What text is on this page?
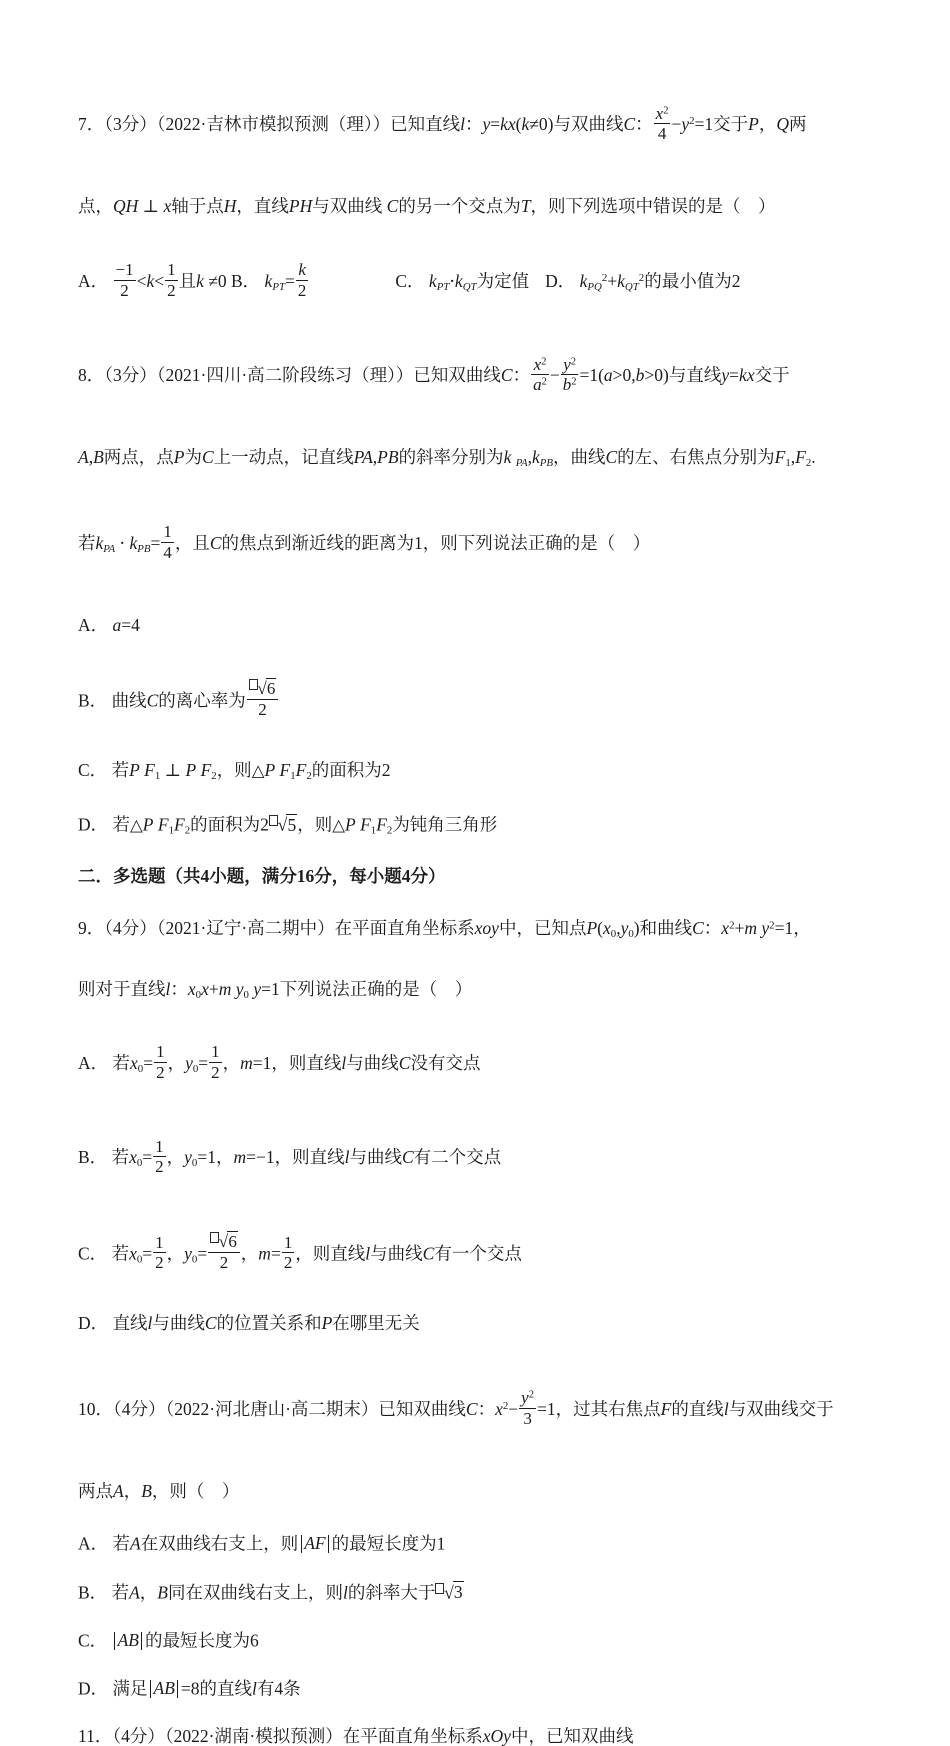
7．（3分）（2022·吉林市模拟预测（理））已知直线l：y=kx(k≠0)与双曲线C： $\frac{x^2}{4} -y^2=1$交于P，Q两
点，QH ⊥ x轴于点H，直线PH与双曲线 C的另一个交点为T，则下列选项中错误的是（　）
A． $\frac{-1}{2} <k< \frac{1}{2}$ 且k ≠0 B． $k_{PT}= \frac{k}{2}$	C． $k_{PT}\cdot k_{QT}$为定值 D． $k_{PQ}^2+k_{QT}^2$的最小值为2
8．（3分）（2021·四川·高二阶段练习（理））已知双曲线C： $\frac{x^2}{a^2} - \frac{y^2}{b^2} =1(a>0,b>0)$与直线y=kx交于
A,B两点，点P为C上一动点，记直线PA,PB的斜率分别为k $_{PA},k_{PB}$，曲线C的左、右焦点分别为$F_1,F_2$.
若$k_{PA} \cdot k_{PB}= \frac{1}{4}$ ，且C的焦点到渐近线的距离为1，则下列说法正确的是（　）
A． a=4
B． 曲线C的离心率为 $\frac{√6}{2}$
C． 若P $F_1$ ⊥ P $F_2$，则△P $F_1F_2$的面积为2
D． 若△P $F_1F_2$的面积为2 √5，则△P $F_1F_2$为钝角三角形
二．多选题（共4小题，满分16分，每小题4分）
9．（4分）（2021·辽宁·高二期中）在平面直角坐标系xoy中，已知点$P(x_0,y_0)$和曲线C：$x^2+m$ $y^2=1$，
则对于直线l：$x_0x+m$ $y_0$ y=1下列说法正确的是（　）
A． 若$x_0= \frac{1}{2}$ ，$y_0= \frac{1}{2}$ ，m=1，则直线l与曲线C没有交点
B． 若$x_0= \frac{1}{2}$ ，$y_0=1$，m=−1，则直线l与曲线C有二个交点
C． 若$x_0= \frac{1}{2}$ ，$y_0= \frac{√6}{2}$ ，$m= \frac{1}{2}$ ，则直线l与曲线C有一个交点
D． 直线l与曲线C的位置关系和P在哪里无关
10．（4分）（2022·河北唐山·高二期末）已知双曲线C：$x^2- \frac{y^2}{3} =1$，过其右焦点F的直线l与双曲线交于
两点A，B，则（　）
A． 若A在双曲线右支上，则 AF 的最短长度为1
B． 若A，B同在双曲线右支上，则l的斜率大于 √3
C． AB 的最短长度为6
D． 满足 AB =8的直线l有4条
11．（4分）（2022·湖南·模拟预测）在平面直角坐标系xOy中，已知双曲线
